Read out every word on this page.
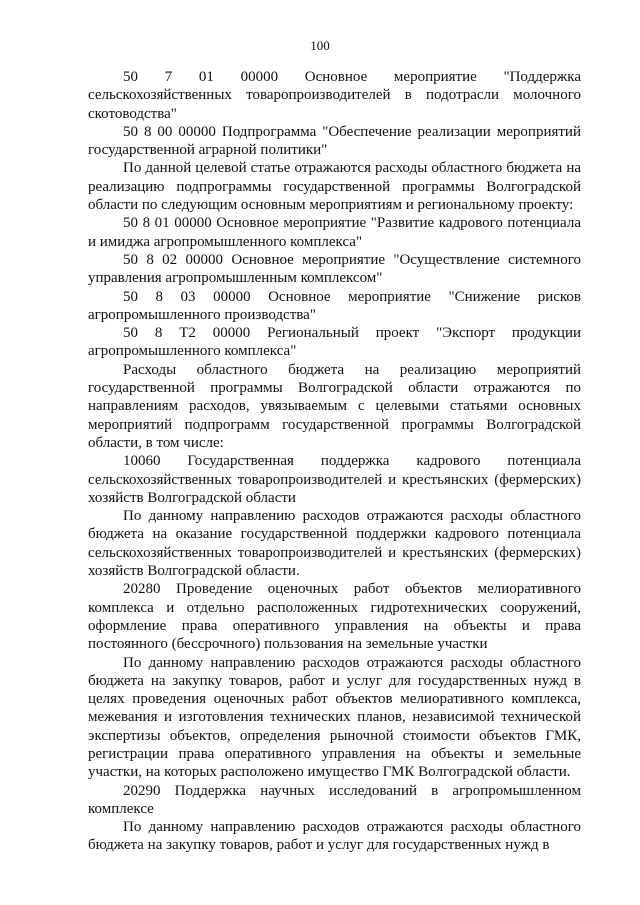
100

50 7 01 00000 Основное мероприятие "Поддержка сельскохозяйственных товаропроизводителей в подотрасли молочного скотоводства"

50 8 00 00000 Подпрограмма "Обеспечение реализации мероприятий государственной аграрной политики"

По данной целевой статье отражаются расходы областного бюджета на реализацию подпрограммы государственной программы Волгоградской области по следующим основным мероприятиям и региональному проекту:

50 8 01 00000 Основное мероприятие "Развитие кадрового потенциала и имиджа агропромышленного комплекса"

50 8 02 00000 Основное мероприятие "Осуществление системного управления агропромышленным комплексом"

50 8 03 00000 Основное мероприятие "Снижение рисков агропромышленного производства"

50 8 Т2 00000 Региональный проект "Экспорт продукции агропромышленного комплекса"

Расходы областного бюджета на реализацию мероприятий государственной программы Волгоградской области отражаются по направлениям расходов, увязываемым с целевыми статьями основных мероприятий подпрограмм государственной программы Волгоградской области, в том числе:

10060 Государственная поддержка кадрового потенциала сельскохозяйственных товаропроизводителей и крестьянских (фермерских) хозяйств Волгоградской области

По данному направлению расходов отражаются расходы областного бюджета на оказание государственной поддержки кадрового потенциала сельскохозяйственных товаропроизводителей и крестьянских (фермерских) хозяйств Волгоградской области.

20280 Проведение оценочных работ объектов мелиоративного комплекса и отдельно расположенных гидротехнических сооружений, оформление права оперативного управления на объекты и права постоянного (бессрочного) пользования на земельные участки

По данному направлению расходов отражаются расходы областного бюджета на закупку товаров, работ и услуг для государственных нужд в целях проведения оценочных работ объектов мелиоративного комплекса, межевания и изготовления технических планов, независимой технической экспертизы объектов, определения рыночной стоимости объектов ГМК, регистрации права оперативного управления на объекты и земельные участки, на которых расположено имущество ГМК Волгоградской области.

20290 Поддержка научных исследований в агропромышленном комплексе

По данному направлению расходов отражаются расходы областного бюджета на закупку товаров, работ и услуг для государственных нужд в
